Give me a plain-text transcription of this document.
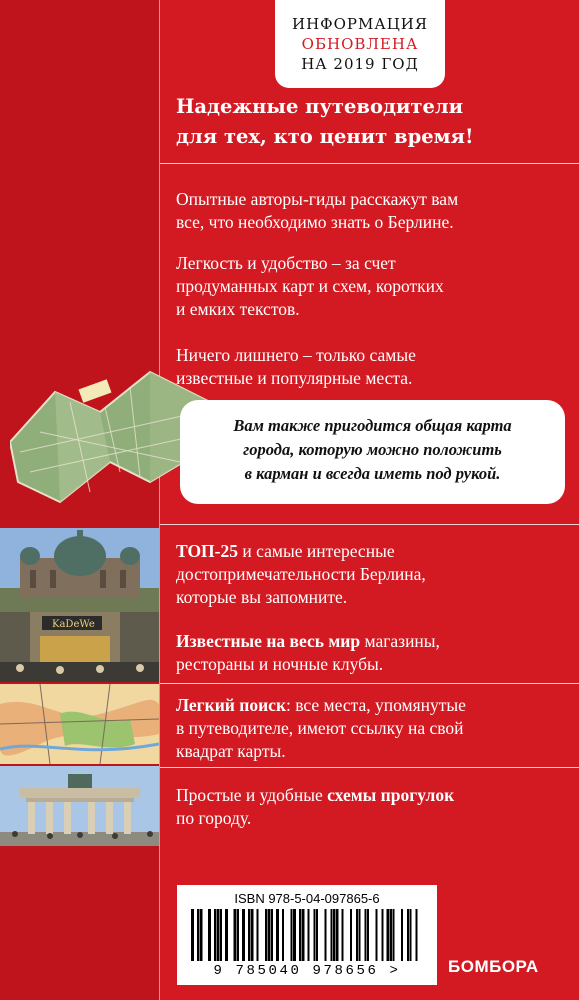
ИНФОРМАЦИЯ
ОБНОВЛЕНА
НА 2019 ГОД
Надежные путеводители
для тех, кто ценит время!
Опытные авторы-гиды расскажут вам
все, что необходимо знать о Берлине.
Легкость и удобство – за счет
продуманных карт и схем, коротких
и емких текстов.
Ничего лишнего – только самые
известные и популярные места.
Вам также пригодится общая карта
города, которую можно положить
в карман и всегда иметь под рукой.
ТОП-25 и самые интересные
достопримечательности Берлина,
которые вы запомните.
KaDeWe
Известные на весь мир магазины,
рестораны и ночные клубы.
Легкий поиск: все места, упомянутые
в путеводителе, имеют ссылку на свой
квадрат карты.
Простые и удобные схемы прогулок
по городу.
ISBN 978-5-04-097865-6
9 785040 978656 >	БОМБОРА
